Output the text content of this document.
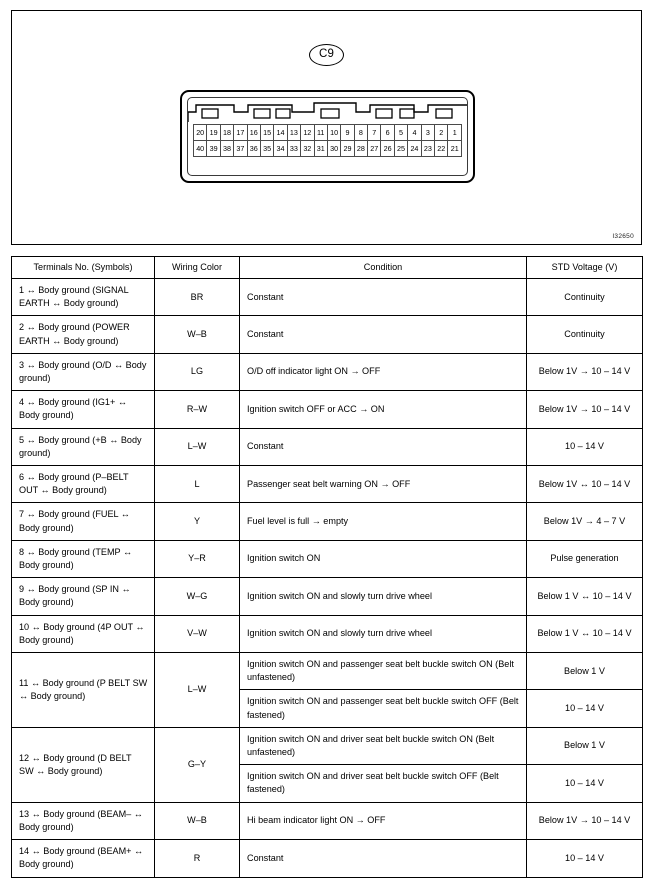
C9
20	19	18	17	16	15	14	13	12	11	10	9	8	7	6	5	4	3	2	1
40	39	38	37	36	35	34	33	32	31	30	29	28	27	26	25	24	23	22	21
I32650
Terminals No. (Symbols)	Wiring Color	Condition	STD Voltage (V)
1 ↔ Body ground (SIGNAL EARTH ↔ Body ground)	BR	Constant	Continuity
2 ↔ Body ground (POWER EARTH ↔ Body ground)	W–B	Constant	Continuity
3 ↔ Body ground (O/D ↔ Body ground)	LG	O/D off indicator light ON → OFF	Below 1V → 10 – 14 V
4 ↔ Body ground (IG1+ ↔ Body ground)	R–W	Ignition switch OFF or ACC → ON	Below 1V → 10 – 14 V
5 ↔ Body ground (+B ↔ Body ground)	L–W	Constant	10 – 14 V
6 ↔ Body ground (P–BELT OUT ↔ Body ground)	L	Passenger seat belt warning ON → OFF	Below 1V ↔ 10 – 14 V
7 ↔ Body ground (FUEL ↔ Body ground)	Y	Fuel level is full → empty	Below 1V → 4 – 7 V
8 ↔ Body ground (TEMP ↔ Body ground)	Y–R	Ignition switch ON	Pulse generation
9 ↔ Body ground (SP IN ↔ Body ground)	W–G	Ignition switch ON and slowly turn drive wheel	Below 1 V ↔ 10 – 14 V
10 ↔ Body ground (4P OUT ↔ Body ground)	V–W	Ignition switch ON and slowly turn drive wheel	Below 1 V ↔ 10 – 14 V
11 ↔ Body ground (P BELT SW ↔ Body ground)	L–W	Ignition switch ON and passenger seat belt buckle switch ON (Belt unfastened)	Below 1 V
		Ignition switch ON and passenger seat belt buckle switch OFF (Belt fastened)	10 – 14 V
12 ↔ Body ground (D BELT SW ↔ Body ground)	G–Y	Ignition switch ON and driver seat belt buckle switch ON (Belt unfastened)	Below 1 V
		Ignition switch ON and driver seat belt buckle switch OFF (Belt fastened)	10 – 14 V
13 ↔ Body ground (BEAM– ↔ Body ground)	W–B	Hi beam indicator light ON → OFF	Below 1V → 10 – 14 V
14 ↔ Body ground (BEAM+ ↔ Body ground)	R	Constant	10 – 14 V
